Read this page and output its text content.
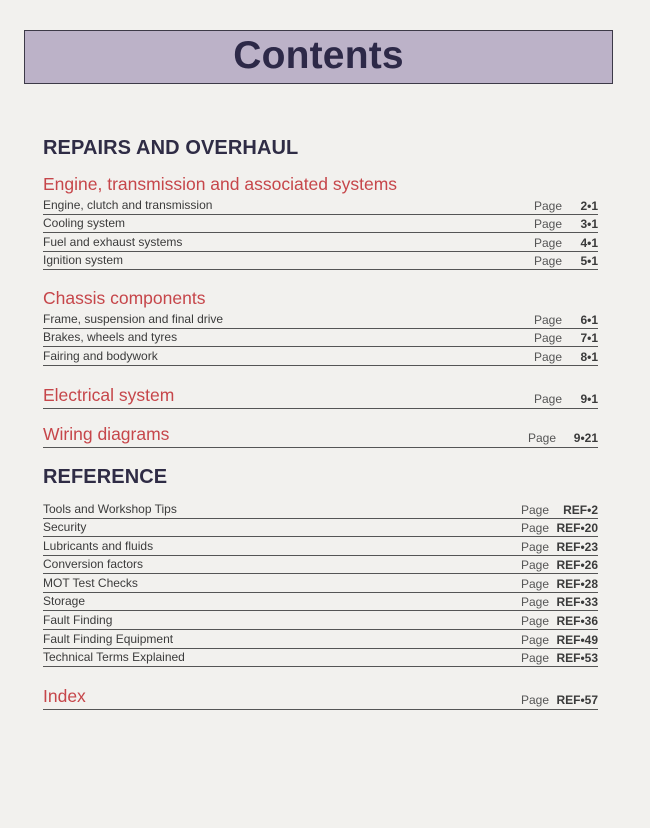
Contents
REPAIRS AND OVERHAUL
Engine, transmission and associated systems
Engine, clutch and transmission	Page 2•1
Cooling system	Page 3•1
Fuel and exhaust systems	Page 4•1
Ignition system	Page 5•1
Chassis components
Frame, suspension and final drive	Page 6•1
Brakes, wheels and tyres	Page 7•1
Fairing and bodywork	Page 8•1
Electrical system	Page 9•1
Wiring diagrams	Page 9•21
REFERENCE
Tools and Workshop Tips	Page REF•2
Security	Page REF•20
Lubricants and fluids	Page REF•23
Conversion factors	Page REF•26
MOT Test Checks	Page REF•28
Storage	Page REF•33
Fault Finding	Page REF•36
Fault Finding Equipment	Page REF•49
Technical Terms Explained	Page REF•53
Index	Page REF•57
